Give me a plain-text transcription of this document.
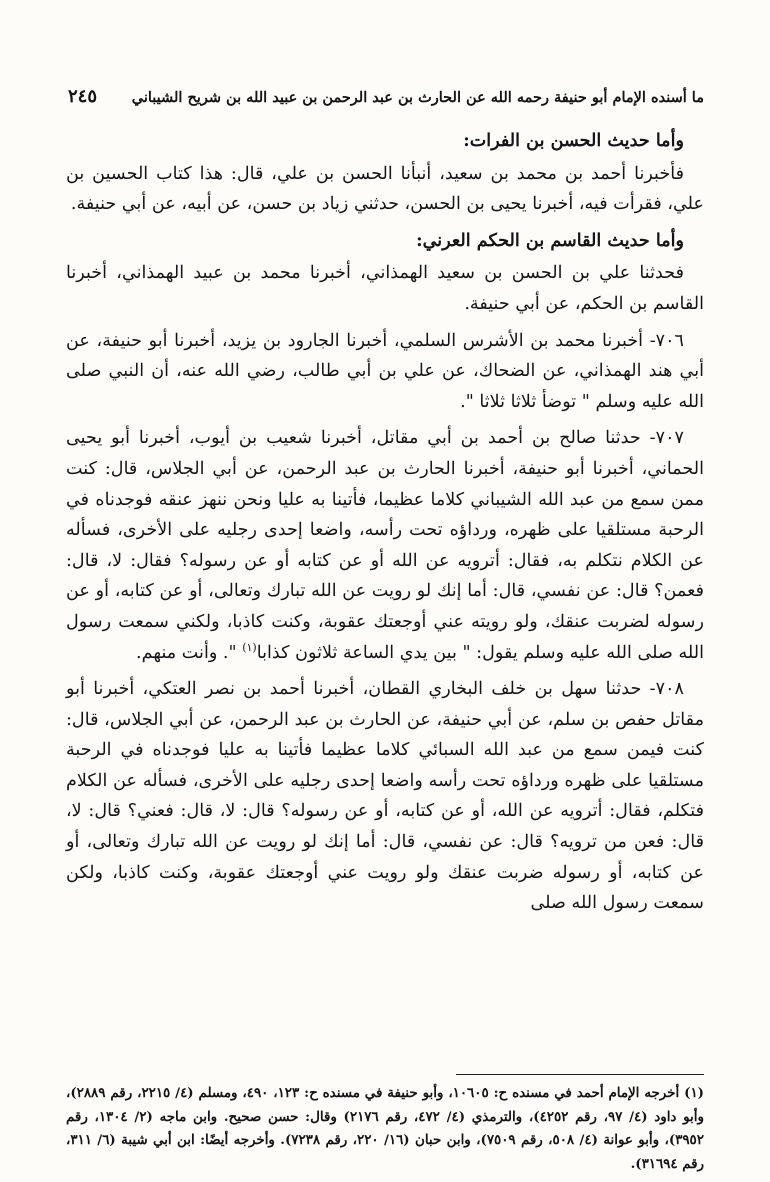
ما أسنده الإمام أبو حنيفة رحمه الله عن الحارث بن عبد الرحمن بن عبيد الله بن شريح الشيباني
٢٤٥

وأما حديث الحسن بن الفرات:

فأخبرنا أحمد بن محمد بن سعيد، أنبأنا الحسن بن علي، قال: هذا كتاب الحسين بن علي، فقرأت فيه، أخبرنا يحيى بن الحسن، حدثني زياد بن حسن، عن أبيه، عن أبي حنيفة.

وأما حديث القاسم بن الحكم العرني:

فحدثنا علي بن الحسن بن سعيد الهمذاني، أخبرنا محمد بن عبيد الهمذاني، أخبرنا القاسم بن الحكم، عن أبي حنيفة.

٧٠٦- أخبرنا محمد بن الأشرس السلمي، أخبرنا الجارود بن يزيد، أخبرنا أبو حنيفة، عن أبي هند الهمذاني، عن الضحاك، عن علي بن أبي طالب، رضي الله عنه، أن النبي صلى الله عليه وسلم " توضأ ثلاثا ثلاثا ".

٧٠٧- حدثنا صالح بن أحمد بن أبي مقاتل، أخبرنا شعيب بن أيوب، أخبرنا أبو يحيى الحماني، أخبرنا أبو حنيفة، أخبرنا الحارث بن عبد الرحمن، عن أبي الجلاس، قال: كنت ممن سمع من عبد الله الشيباني كلاما عظيما، فأتينا به عليا ونحن ننهز عنقه فوجدناه في الرحبة مستلقيا على ظهره، ورداؤه تحت رأسه، واضعا إحدى رجليه على الأخرى، فسأله عن الكلام نتكلم به، فقال: أترويه عن الله أو عن كتابه أو عن رسوله؟ فقال: لا، قال: فعمن؟ قال: عن نفسي، قال: أما إنك لو رويت عن الله تبارك وتعالى، أو عن كتابه، أو عن رسوله لضربت عنقك، ولو رويته عني أوجعتك عقوبة، وكنت كاذبا، ولكني سمعت رسول الله صلى الله عليه وسلم يقول: " بين يدي الساعة ثلاثون كذابا$^{(١)}$ ". وأنت منهم.

٧٠٨- حدثنا سهل بن خلف البخاري القطان، أخبرنا أحمد بن نصر العتكي، أخبرنا أبو مقاتل حفص بن سلم، عن أبي حنيفة، عن الحارث بن عبد الرحمن، عن أبي الجلاس، قال: كنت فيمن سمع من عبد الله السبائي كلاما عظيما فأتينا به عليا فوجدناه في الرحبة مستلقيا على ظهره ورداؤه تحت رأسه واضعا إحدى رجليه على الأخرى، فسأله عن الكلام فتكلم، فقال: أترويه عن الله، أو عن كتابه، أو عن رسوله؟ قال: لا، قال: فعني؟ قال: لا، قال: فعن من ترويه؟ قال: عن نفسي، قال: أما إنك لو رويت عن الله تبارك وتعالى، أو عن كتابه، أو رسوله ضربت عنقك ولو رويت عني أوجعتك عقوبة، وكنت كاذبا، ولكن سمعت رسول الله صلى

(١) أخرجه الإمام أحمد في مسنده ح: ١٠٦٠٥، وأبو حنيفة في مسنده ح: ١٢٣، ٤٩٠، ومسلم (٤/ ٢٢١٥، رقم ٢٨٨٩)، وأبو داود (٤/ ٩٧، رقم ٤٢٥٢)، والترمذي (٤/ ٤٧٢، رقم ٢١٧٦) وقال: حسن صحيح. وابن ماجه (٢/ ١٣٠٤، رقم ٣٩٥٢)، وأبو عوانة (٤/ ٥٠٨، رقم ٧٥٠٩)، وابن حبان (١٦/ ٢٢٠، رقم ٧٢٣٨). وأخرجه أيضًا: ابن أبي شيبة (٦/ ٣١١، رقم ٣١٦٩٤).
